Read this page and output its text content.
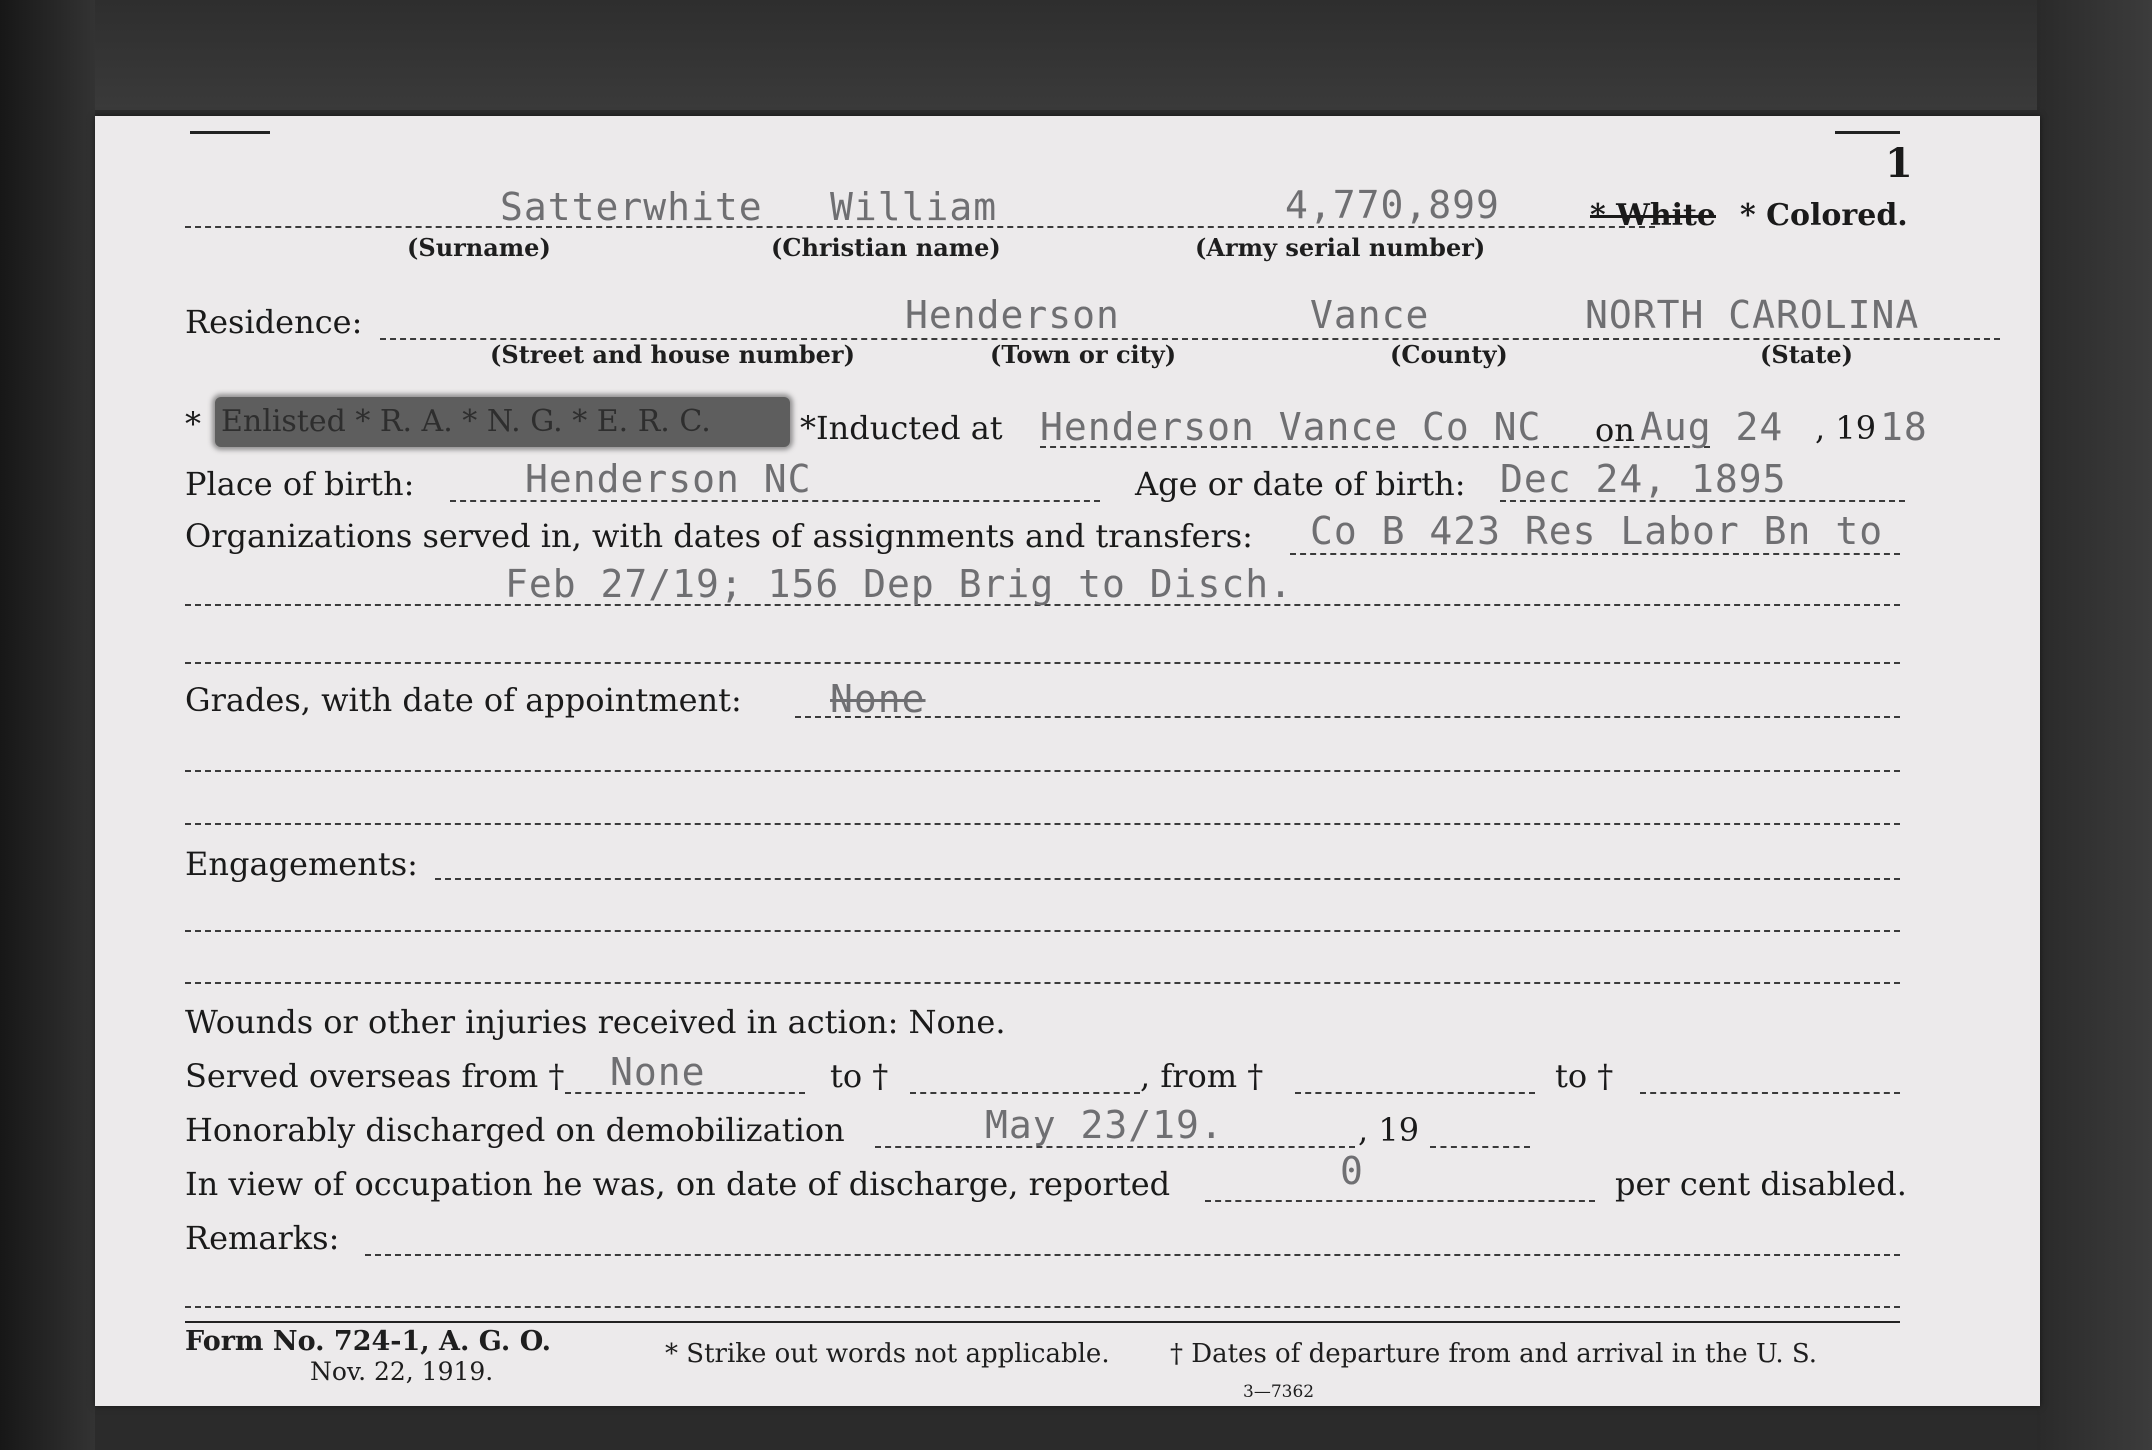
1
Satterwhite William	4,770,899	* White * Colored.
(Surname)	(Christian name)	(Army serial number)
Residence:	Henderson	Vance	NORTH CAROLINA
(Street and house number)	(Town or city)	(County)	(State)
* Enlisted * R. A. * N. G. * E. R. C.	*Inducted at Henderson Vance Co NC on Aug 24 , 19 18
Place of birth:	Henderson NC	Age or date of birth: Dec 24, 1895
Organizations served in, with dates of assignments and transfers: Co B 423 Res Labor Bn to
Feb 27/19; 156 Dep Brig to Disch.
Grades, with date of appointment: None
Engagements:
Wounds or other injuries received in action: None.
Served overseas from † None	to †	, from †	to †
Honorably discharged on demobilization	May 23/19.	, 19
In view of occupation he was, on date of discharge, reported	0	per cent disabled.
Remarks:
Form No. 724-1, A. G. O.
Nov. 22, 1919.
* Strike out words not applicable. † Dates of departure from and arrival in the U. S.
3—7362
